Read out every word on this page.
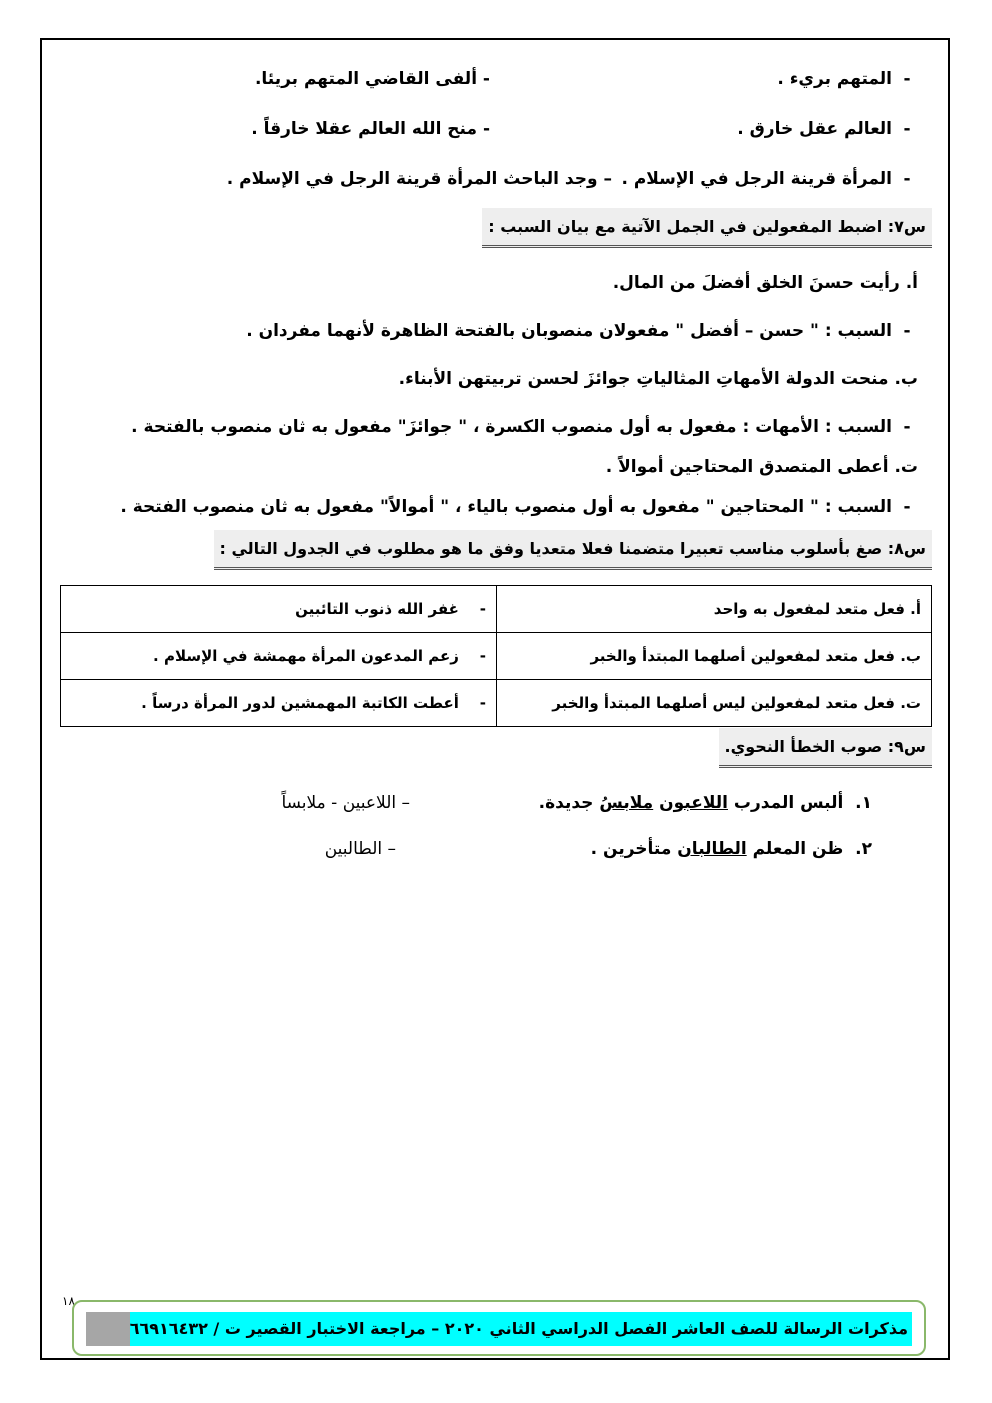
-المتهم بريء .
- ألفى القاضي المتهم بريئا.
-العالم عقل خارق .
- منح الله العالم عقلا خارقاً .
-المرأة قرينة الرجل في الإسلام .
– وجد الباحث المرأة قرينة الرجل في الإسلام .
س٧: اضبط المفعولين في الجمل الآتية مع بيان السبب :
أ. رأيت حسنَ الخلق أفضلَ من المال.
-السبب : " حسن – أفضل " مفعولان منصوبان بالفتحة الظاهرة لأنهما مفردان .
ب. منحت الدولة الأمهاتِ المثالياتِ جوائزَ لحسن تربيتهن الأبناء.
-السبب : الأمهات : مفعول به أول منصوب الكسرة ، " جوائزَ" مفعول به ثان منصوب بالفتحة .
ت. أعطى المتصدق المحتاجين أموالاً .
-السبب : " المحتاجين " مفعول به أول منصوب بالياء ، " أموالاً" مفعول به ثان منصوب الفتحة .
س٨: صغ بأسلوب مناسب تعبيرا متضمنا فعلا متعديا وفق ما هو مطلوب في الجدول التالي :
أ. فعل متعد لمفعول به واحد	-    غفر الله ذنوب التائبين
ب. فعل متعد لمفعولين أصلهما المبتدأ والخبر	-    زعم المدعون المرأة مهمشة في الإسلام .
ت. فعل متعد لمفعولين ليس أصلهما المبتدأ والخبر	-    أعطت الكاتبة المهمشين لدور المرأة درساً .
س٩: صوب الخطأ النحوي.
١.  ألبس المدرب اللاعبون ملابسُ جديدة.
– اللاعبين - ملابساً
٢.  ظن المعلم الطالبان متأخرين .
– الطالبين
١٨
مذكرات الرسالة للصف العاشر الفصل الدراسي الثاني ٢٠٢٠ – مراجعة الاختبار القصير ت / ٦٦٩١٦٤٣٢
